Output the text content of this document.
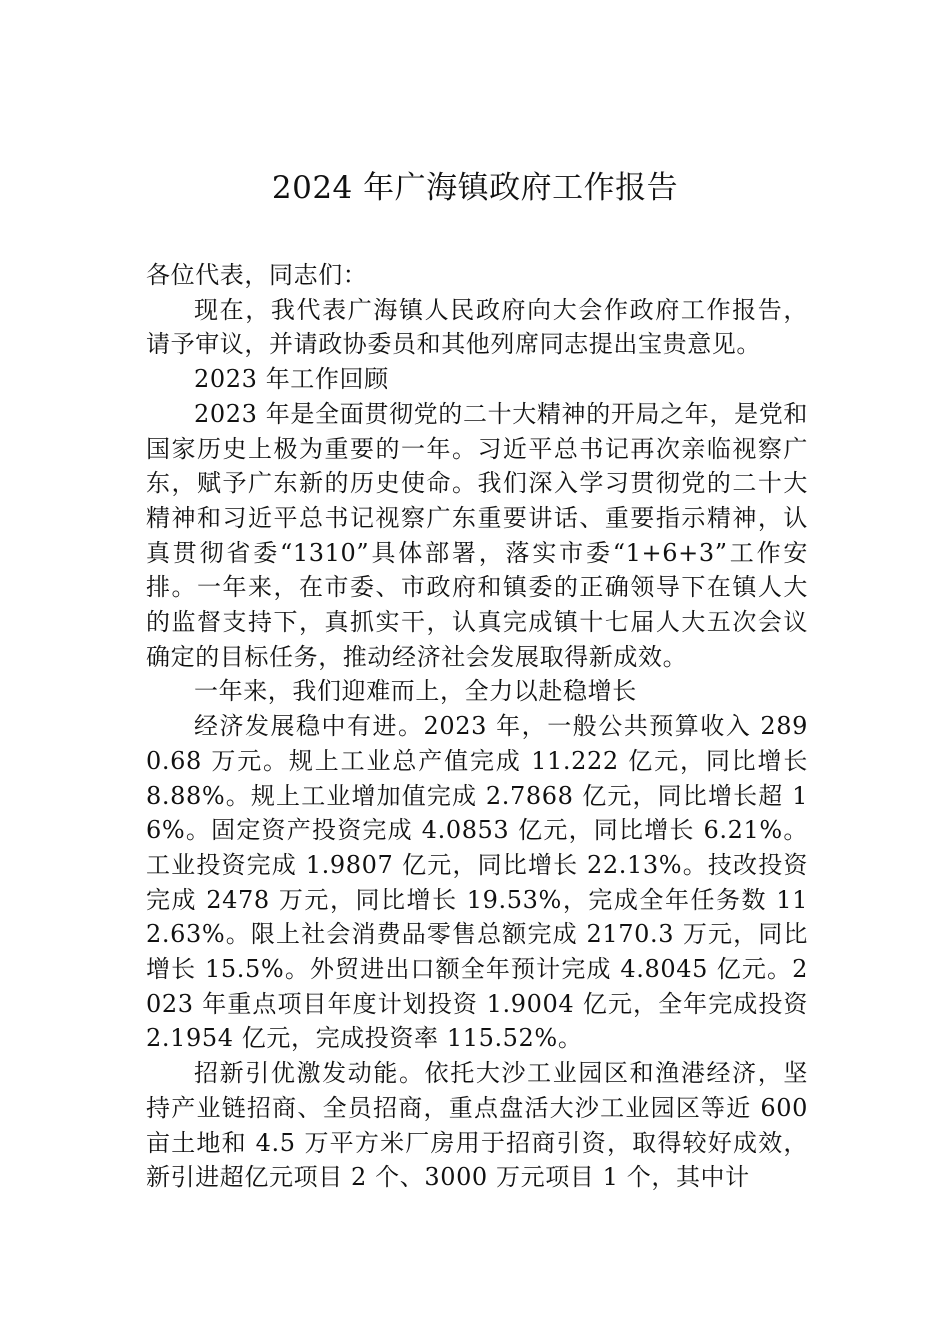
2024 年广海镇政府工作报告

各位代表，同志们：

现在，我代表广海镇人民政府向大会作政府工作报告，请予审议，并请政协委员和其他列席同志提出宝贵意见。

2023 年工作回顾

2023 年是全面贯彻党的二十大精神的开局之年，是党和国家历史上极为重要的一年。习近平总书记再次亲临视察广东，赋予广东新的历史使命。我们深入学习贯彻党的二十大精神和习近平总书记视察广东重要讲话、重要指示精神，认真贯彻省委“1310”具体部署，落实市委“1+6+3”工作安排。一年来，在市委、市政府和镇委的正确领导下在镇人大的监督支持下，真抓实干，认真完成镇十七届人大五次会议确定的目标任务，推动经济社会发展取得新成效。

一年来，我们迎难而上，全力以赴稳增长

经济发展稳中有进。2023 年，一般公共预算收入 2890.68 万元。规上工业总产值完成 11.222 亿元，同比增长 8.88%。规上工业增加值完成 2.7868 亿元，同比增长超 16%。固定资产投资完成 4.0853 亿元，同比增长 6.21%。工业投资完成 1.9807 亿元，同比增长 22.13%。技改投资完成 2478 万元，同比增长 19.53%，完成全年任务数 112.63%。限上社会消费品零售总额完成 2170.3 万元，同比增长 15.5%。外贸进出口额全年预计完成 4.8045 亿元。2023 年重点项目年度计划投资 1.9004 亿元，全年完成投资 2.1954 亿元，完成投资率 115.52%。

招新引优激发动能。依托大沙工业园区和渔港经济，坚持产业链招商、全员招商，重点盘活大沙工业园区等近 600 亩土地和 4.5 万平方米厂房用于招商引资，取得较好成效，新引进超亿元项目 2 个、3000 万元项目 1 个，其中计
